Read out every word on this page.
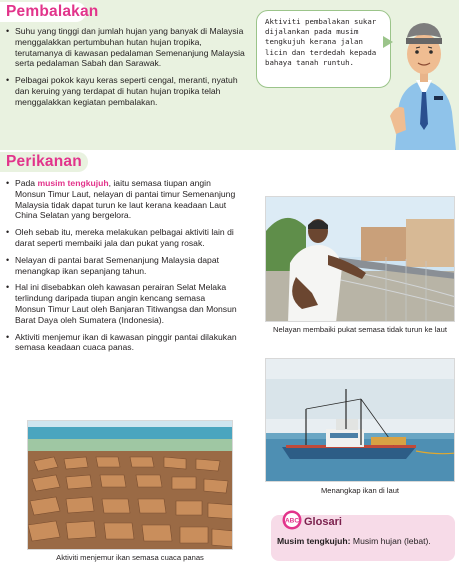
Pembalakan
• Suhu yang tinggi dan jumlah hujan yang banyak di Malaysia menggalakkan pertumbuhan hutan hujan tropika, terutamanya di kawasan pedalaman Semenanjung Malaysia serta pedalaman Sabah dan Sarawak.
• Pelbagai pokok kayu keras seperti cengal, meranti, nyatuh dan keruing yang terdapat di hutan hujan tropika telah menggalakkan kegiatan pembalakan.
Aktiviti pembalakan sukar dijalankan pada musim tengkujuh kerana jalan licin dan terdedah kepada bahaya tanah runtuh.
Perikanan
• Pada musim tengkujuh, iaitu semasa tiupan angin Monsun Timur Laut, nelayan di pantai timur Semenanjung Malaysia tidak dapat turun ke laut kerana keadaan Laut China Selatan yang bergelora.
• Oleh sebab itu, mereka melakukan pelbagai aktiviti lain di darat seperti membaiki jala dan pukat yang rosak.
• Nelayan di pantai barat Semenanjung Malaysia dapat menangkap ikan sepanjang tahun.
• Hal ini disebabkan oleh kawasan perairan Selat Melaka terlindung daripada tiupan angin kencang semasa Monsun Timur Laut oleh Banjaran Titiwangsa dan Monsun Barat Daya oleh Sumatera (Indonesia).
• Aktiviti menjemur ikan di kawasan pinggir pantai dilakukan semasa keadaan cuaca panas.
Nelayan membaiki pukat semasa tidak turun ke laut
Menangkap ikan di laut
Aktiviti menjemur ikan semasa cuaca panas
ABC Glosari
Musim tengkujuh: Musim hujan (lebat).
